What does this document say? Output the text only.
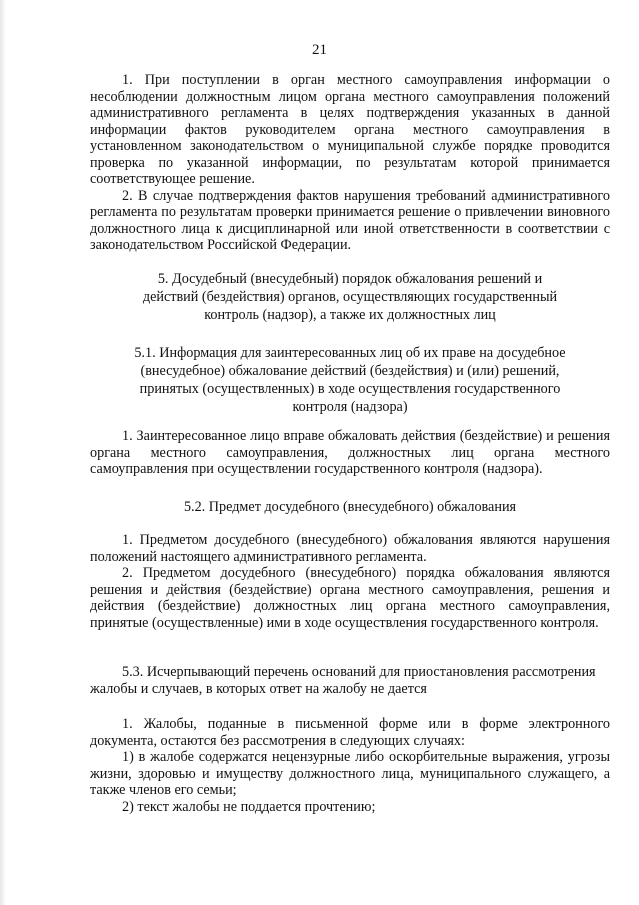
21

1. При поступлении в орган местного самоуправления информации о несоблюдении должностным лицом органа местного самоуправления положений административного регламента в целях подтверждения указанных в данной информации фактов руководителем органа местного самоуправления в установленном законодательством о муниципальной службе порядке проводится проверка по указанной информации, по результатам которой принимается соответствующее решение.

2. В случае подтверждения фактов нарушения требований административного регламента по результатам проверки принимается решение о привлечении виновного должностного лица к дисциплинарной или иной ответственности в соответствии с законодательством Российской Федерации.

5. Досудебный (внесудебный) порядок обжалования решений и действий (бездействия) органов, осуществляющих государственный контроль (надзор), а также их должностных лиц
5.1. Информация для заинтересованных лиц об их праве на досудебное (внесудебное) обжалование действий (бездействия) и (или) решений, принятых (осуществленных) в ходе осуществления государственного контроля (надзора)

1. Заинтересованное лицо вправе обжаловать действия (бездействие) и решения органа местного самоуправления, должностных лиц органа местного самоуправления при осуществлении государственного контроля (надзора).

5.2. Предмет досудебного (внесудебного) обжалования

1. Предметом досудебного (внесудебного) обжалования являются нарушения положений настоящего административного регламента.

2. Предметом досудебного (внесудебного) порядка обжалования являются решения и действия (бездействие) органа местного самоуправления, решения и действия (бездействие) должностных лиц органа местного самоуправления, принятые (осуществленные) ими в ходе осуществления государственного контроля.

5.3. Исчерпывающий перечень оснований для приостановления рассмотрения жалобы и случаев, в которых ответ на жалобу не дается

1. Жалобы, поданные в письменной форме или в форме электронного документа, остаются без рассмотрения в следующих случаях:

1) в жалобе содержатся нецензурные либо оскорбительные выражения, угрозы жизни, здоровью и имуществу должностного лица, муниципального служащего, а также членов его семьи;

2) текст жалобы не поддается прочтению;
